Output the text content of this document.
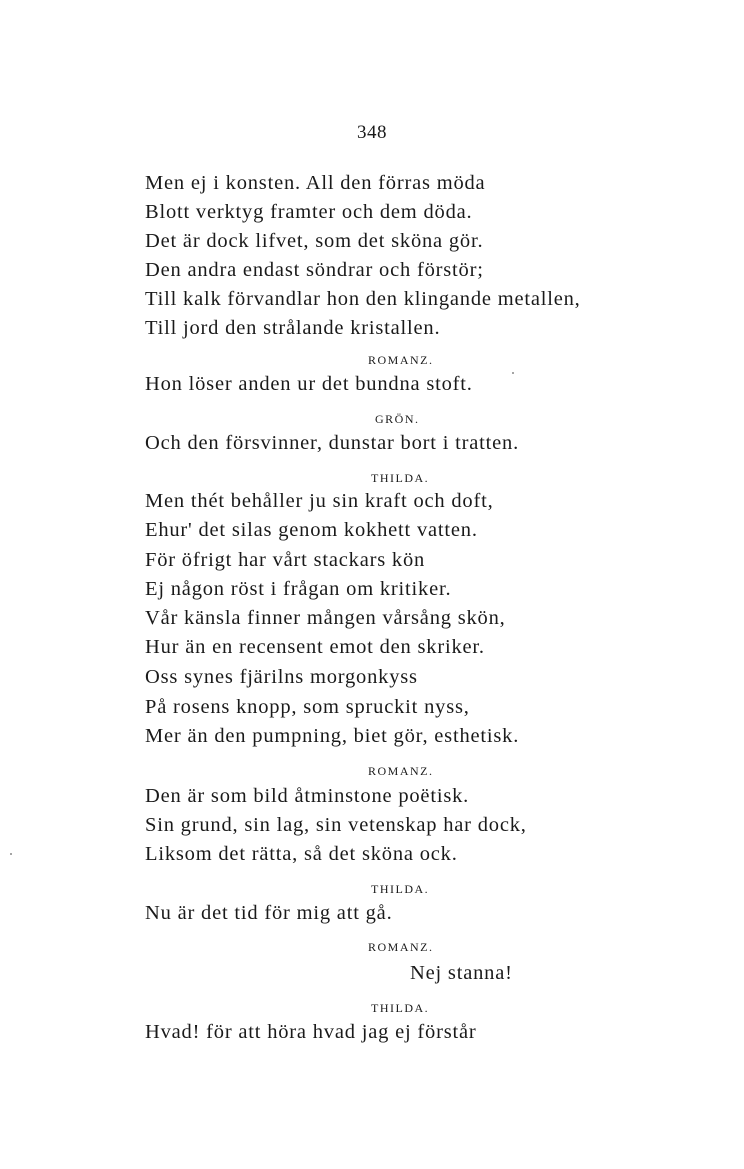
348
Men ej i konsten. All den förras möda
Blott verktyg framter och dem döda.
Det är dock lifvet, som det sköna gör.
Den andra endast söndrar och förstör;
Till kalk förvandlar hon den klingande metallen,
Till jord den strålande kristallen.
ROMANZ.
Hon löser anden ur det bundna stoft.
GRÖN.
Och den försvinner, dunstar bort i tratten.
THILDA.
Men thét behåller ju sin kraft och doft,
Ehur' det silas genom kokhett vatten.
För öfrigt har vårt stackars kön
Ej någon röst i frågan om kritiker.
Vår känsla finner mången vårsång skön,
Hur än en recensent emot den skriker.
Oss synes fjärilns morgonkyss
På rosens knopp, som spruckit nyss,
Mer än den pumpning, biet gör, esthetisk.
ROMANZ.
Den är som bild åtminstone poëtisk.
Sin grund, sin lag, sin vetenskap har dock,
Liksom det rätta, så det sköna ock.
THILDA.
Nu är det tid för mig att gå.
ROMANZ.
Nej stanna!
THILDA.
Hvad! för att höra hvad jag ej förstår
